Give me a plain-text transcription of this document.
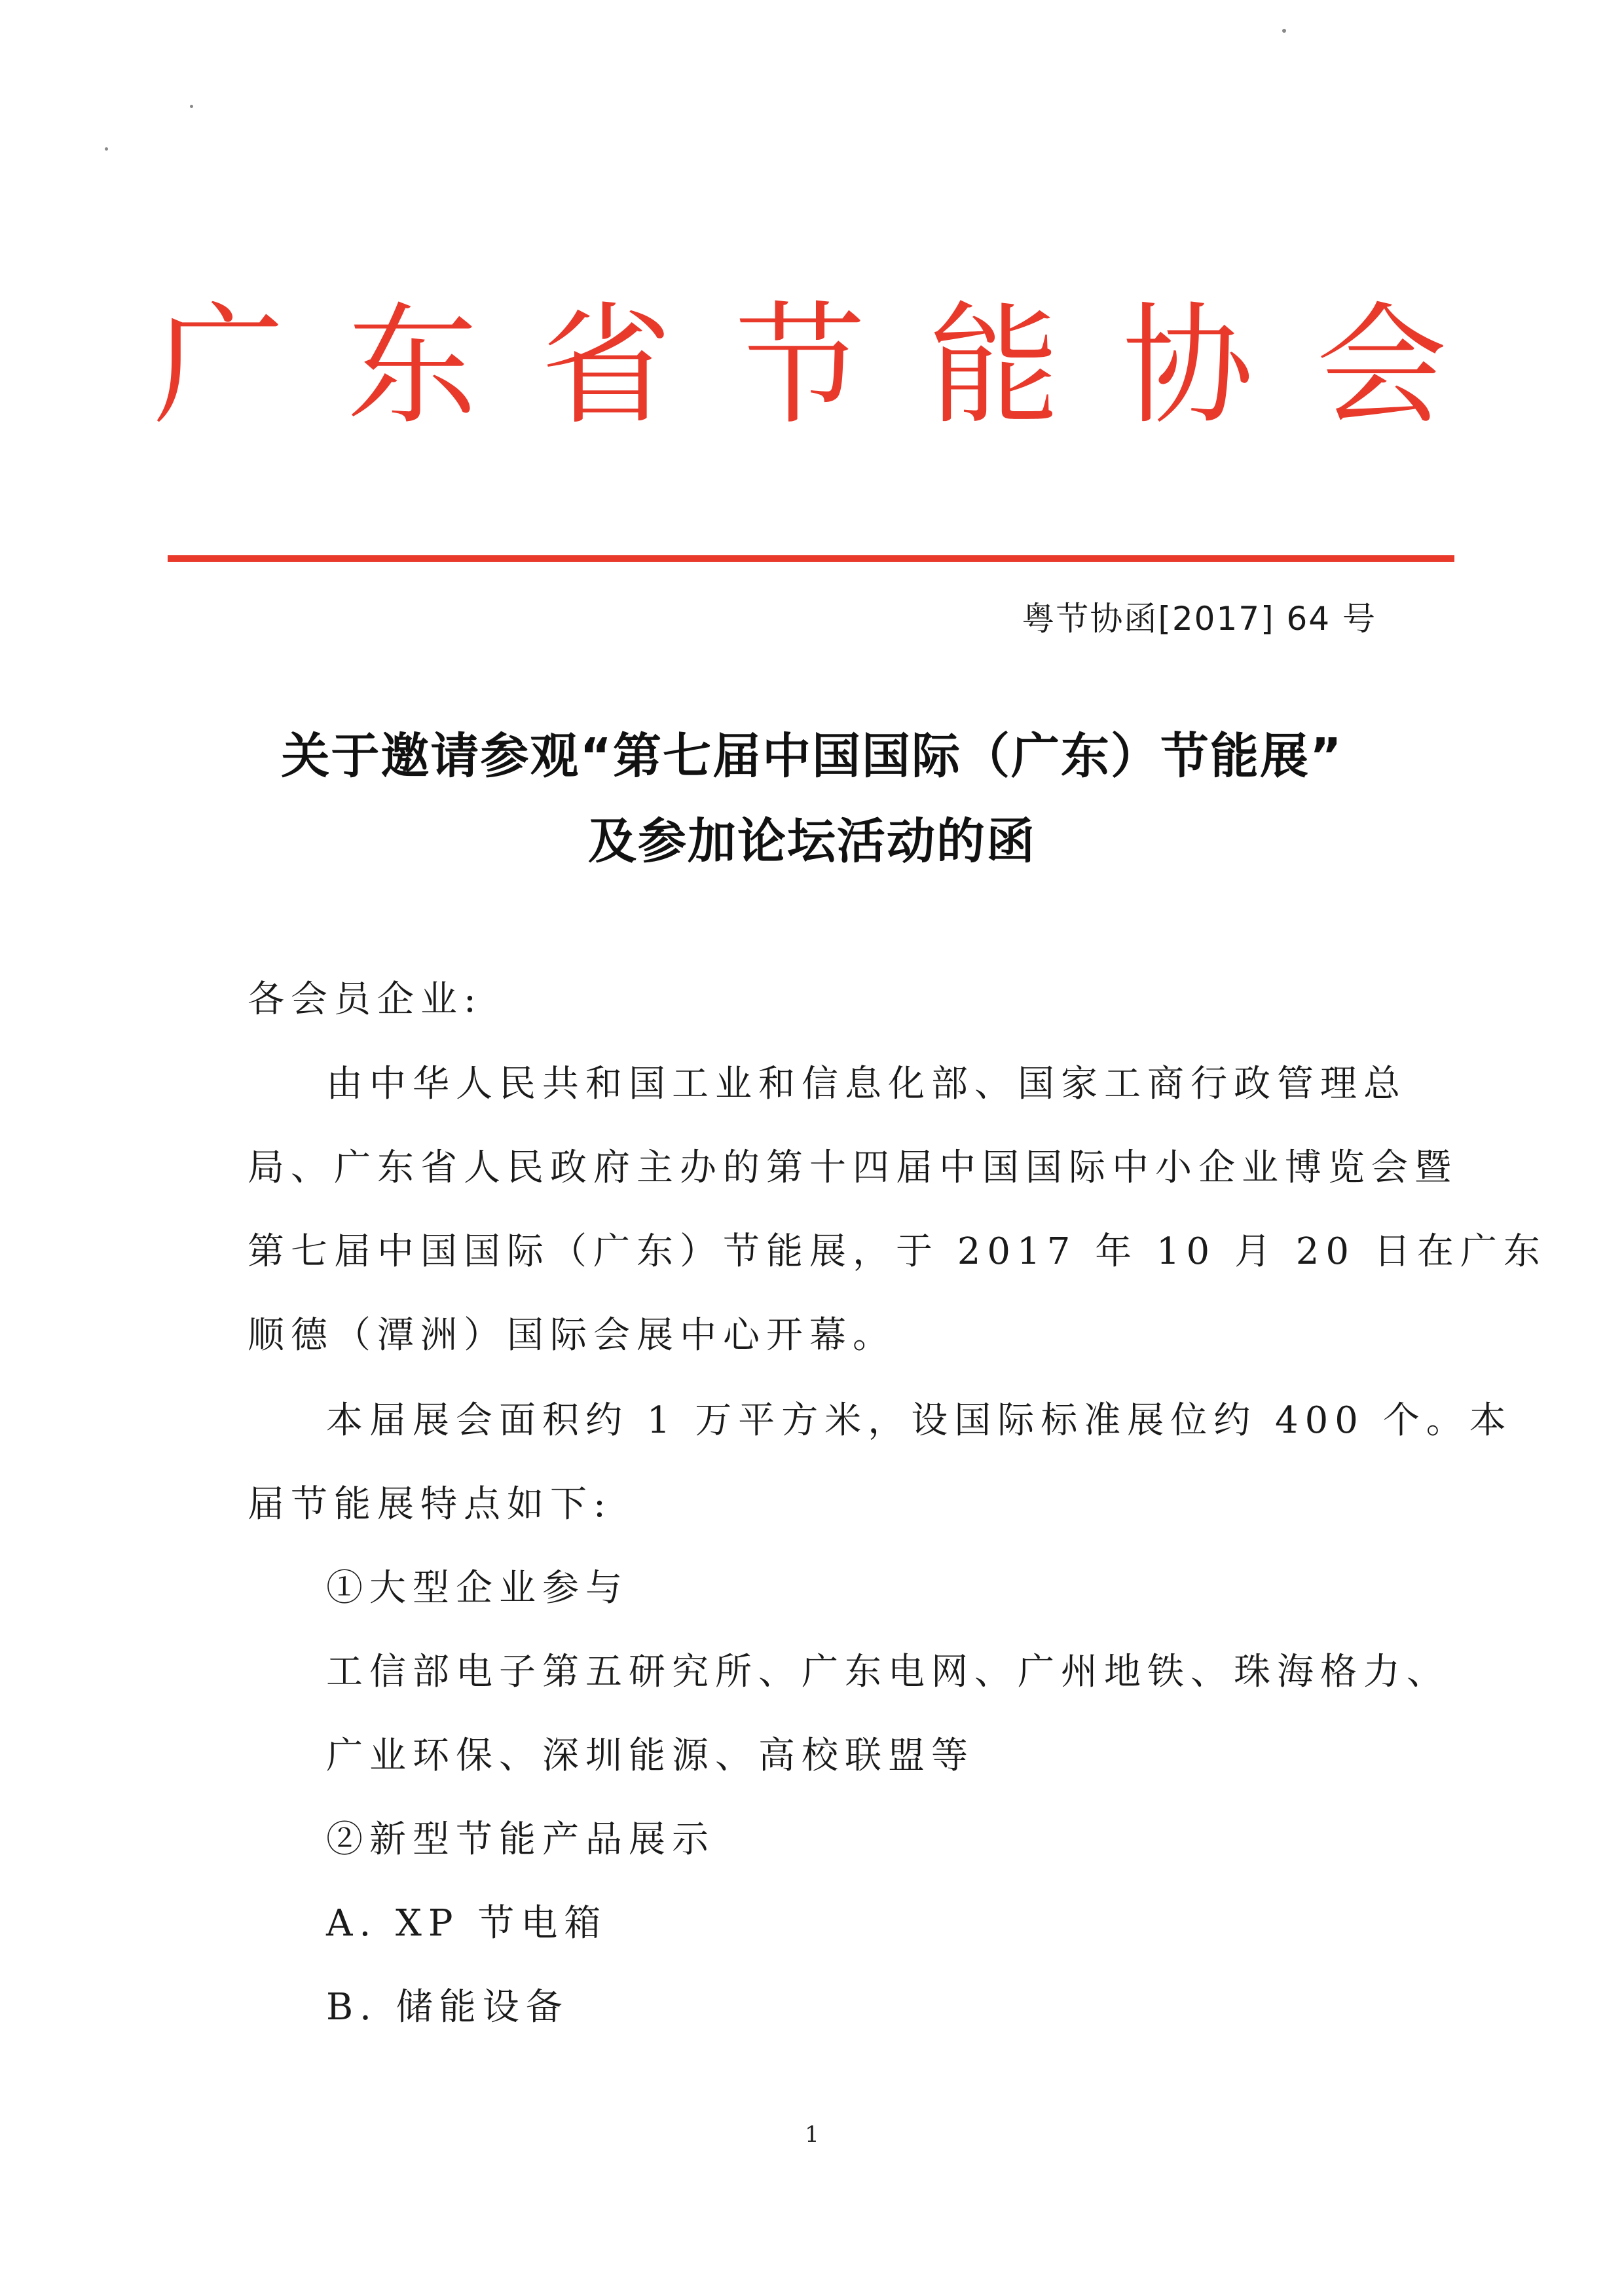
广东省节能协会
粤节协函[2017] 64 号
关于邀请参观“第七届中国国际（广东）节能展”
及参加论坛活动的函
各会员企业:
由中华人民共和国工业和信息化部、国家工商行政管理总
局、广东省人民政府主办的第十四届中国国际中小企业博览会暨
第七届中国国际（广东）节能展，于 2017 年 10 月 20 日在广东
顺德（潭洲）国际会展中心开幕。
本届展会面积约 1 万平方米，设国际标准展位约 400 个。本
届节能展特点如下:
①大型企业参与
工信部电子第五研究所、广东电网、广州地铁、珠海格力、
广业环保、深圳能源、高校联盟等
②新型节能产品展示
A. XP 节电箱
B. 储能设备
1
